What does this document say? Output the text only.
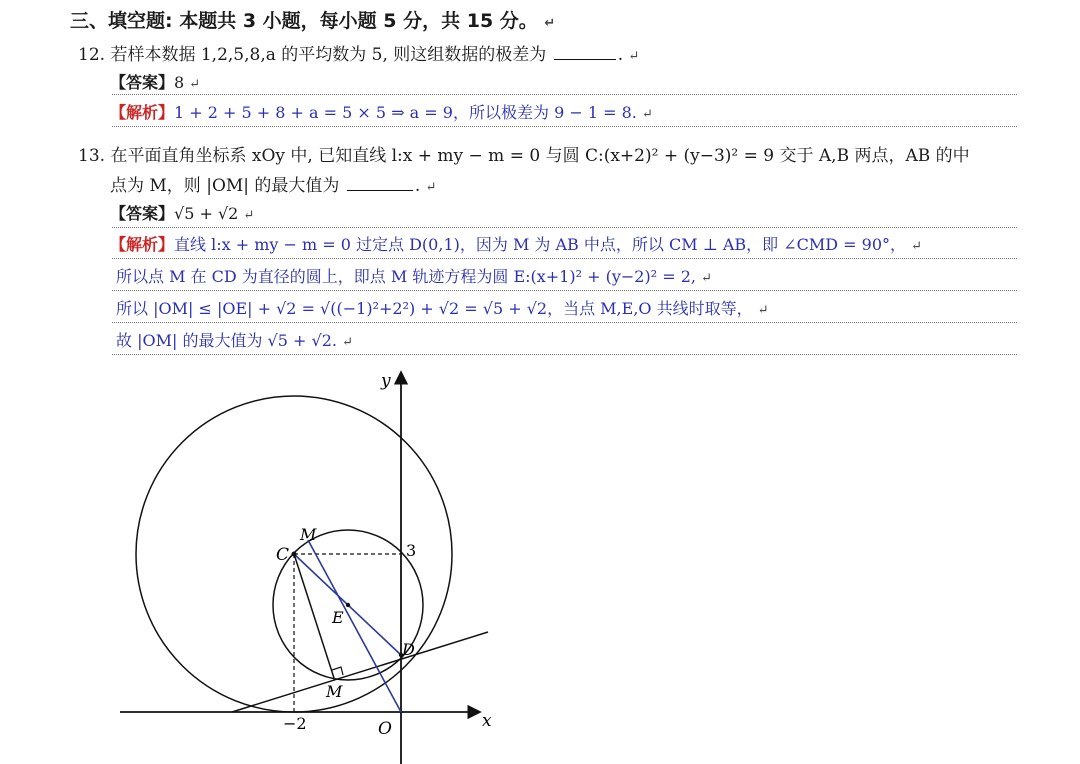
三、填空题: 本题共 3 小题，每小题 5 分，共 15 分。 ↵
12. 若样本数据 1,2,5,8,a 的平均数为 5, 则这组数据的极差为	. ↵
【答案】8 ↵
【解析】1 + 2 + 5 + 8 + a = 5 × 5 ⇒ a = 9，所以极差为 9 − 1 = 8. ↵
13. 在平面直角坐标系 xOy 中, 已知直线 l:x + my − m = 0 与圆 C:(x+2)² + (y−3)² = 9 交于 A,B 两点，AB 的中
点为 M，则 |OM| 的最大值为	. ↵
【答案】√5 + √2 ↵
【解析】直线 l:x + my − m = 0 过定点 D(0,1)，因为 M 为 AB 中点，所以 CM ⊥ AB，即 ∠CMD = 90°， ↵
所以点 M 在 CD 为直径的圆上，即点 M 轨迹方程为圆 E:(x+1)² + (y−2)² = 2, ↵
所以 |OM| ≤ |OE| + √2 = √((−1)²+2²) + √2 = √5 + √2，当点 M,E,O 共线时取等， ↵
故 |OM| 的最大值为 √5 + √2. ↵
y
x
O
C
M
E
D
M
3
−2
